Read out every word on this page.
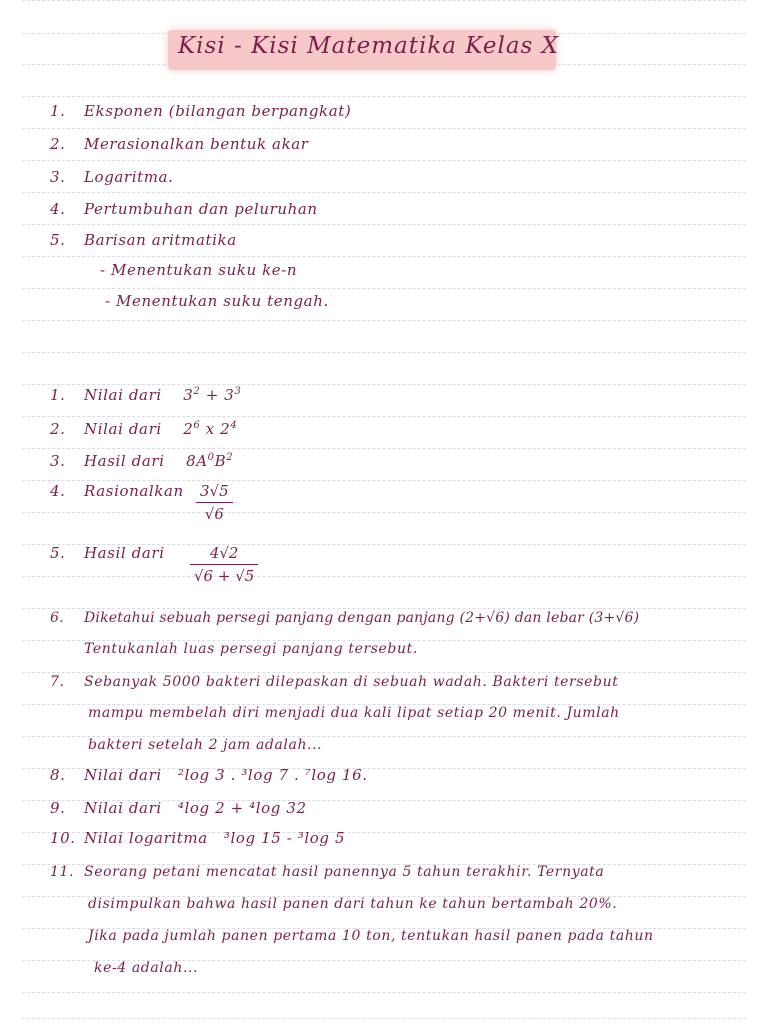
Kisi - Kisi Matematika Kelas X
1. Eksponen (bilangan berpangkat)
2. Merasionalkan bentuk akar
3. Logaritma.
4. Pertumbuhan dan peluruhan
5. Barisan aritmatika
- Menentukan suku ke-n
- Menentukan suku tengah.
1. Nilai dari $3^2 + 3^3$
2. Nilai dari $2^6$ x $2^4$
3. Hasil dari $8A^0B^2$
4. Rasionalkan 3√5
√6
5. Hasil dari	4√2
√6 + √5
6. Diketahui sebuah persegi panjang dengan panjang (2+√6) dan lebar (3+√6)
Tentukanlah luas persegi panjang tersebut.
7. Sebanyak 5000 bakteri dilepaskan di sebuah wadah. Bakteri tersebut
mampu membelah diri menjadi dua kali lipat setiap 20 menit. Jumlah
bakteri setelah 2 jam adalah...
8. Nilai dari ²log 3 . ³log 7 . ⁷log 16.
9. Nilai dari ⁴log 2 + ⁴log 32
10. Nilai logaritma ³log 15 - ³log 5
11. Seorang petani mencatat hasil panennya 5 tahun terakhir. Ternyata
disimpulkan bahwa hasil panen dari tahun ke tahun bertambah 20%.
Jika pada jumlah panen pertama 10 ton, tentukan hasil panen pada tahun
ke-4 adalah...
